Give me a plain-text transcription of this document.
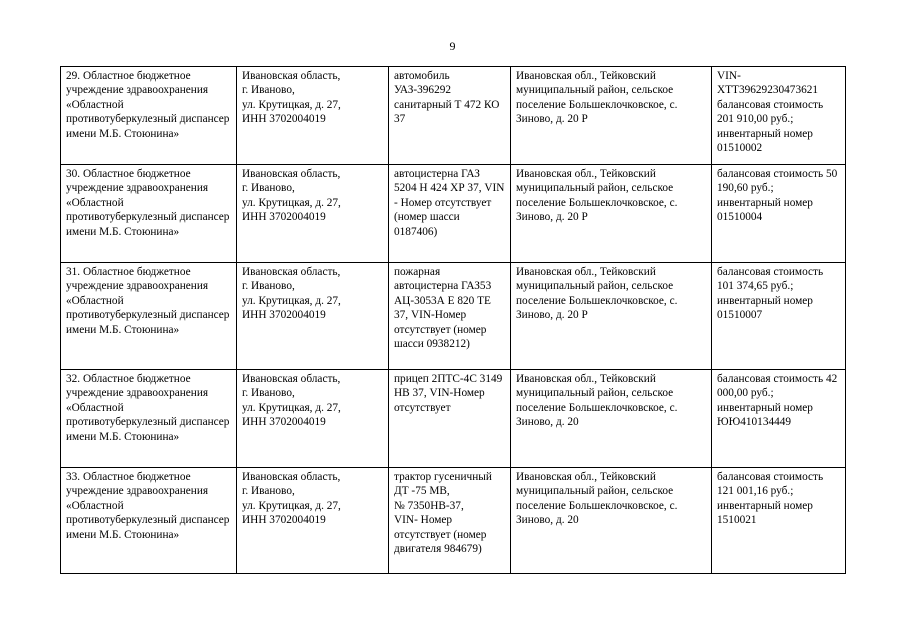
9
29. Областное бюджетное учреждение здравоохранения «Областной противотуберкулезный диспансер
имени М.Б. Стоюнина»	Ивановская область,
г. Иваново,
ул. Крутицкая, д. 27,
ИНН 3702004019	автомобиль УАЗ-396292 санитарный Т 472 КО 37	Ивановская обл., Тейковский муниципальный район, сельское поселение Большеклочковское, с. Зиново, д. 20 Р	VIN-
XTT39629230473621 балансовая стоимость 201 910,00 руб.; инвентарный номер 01510002
30. Областное бюджетное учреждение здравоохранения «Областной противотуберкулезный диспансер
имени М.Б. Стоюнина»	Ивановская область,
г. Иваново,
ул. Крутицкая, д. 27,
ИНН 3702004019	автоцистерна ГАЗ 5204 Н 424 ХР 37, VIN - Номер отсутствует (номер шасси 0187406)	Ивановская обл., Тейковский муниципальный район, сельское поселение Большеклочковское, с. Зиново, д. 20 Р	балансовая стоимость 50 190,60 руб.; инвентарный номер 01510004
31. Областное бюджетное учреждение здравоохранения «Областной противотуберкулезный диспансер
имени М.Б. Стоюнина»	Ивановская область,
г. Иваново,
ул. Крутицкая, д. 27,
ИНН 3702004019	пожарная автоцистерна ГАЗ53 АЦ-3053А Е 820 ТЕ 37, VIN-Номер отсутствует (номер шасси 0938212)	Ивановская обл., Тейковский муниципальный район, сельское поселение Большеклочковское, с. Зиново, д. 20 Р	балансовая стоимость 101 374,65 руб.; инвентарный номер 01510007
32. Областное бюджетное учреждение здравоохранения «Областной противотуберкулезный диспансер
имени М.Б. Стоюнина»	Ивановская область,
г. Иваново,
ул. Крутицкая, д. 27,
ИНН 3702004019	прицеп 2ПТС-4С 3149 НВ 37, VIN-Номер отсутствует	Ивановская обл., Тейковский муниципальный район, сельское поселение Большеклочковское, с. Зиново, д. 20	балансовая стоимость 42 000,00 руб.; инвентарный номер ЮЮ410134449
33. Областное бюджетное учреждение здравоохранения «Областной противотуберкулезный диспансер
имени М.Б. Стоюнина»	Ивановская область,
г. Иваново,
ул. Крутицкая, д. 27,
ИНН 3702004019	трактор гусеничный ДТ -75 МВ,
№ 7350НВ-37,
VIN- Номер отсутствует (номер двигателя 984679)	Ивановская обл., Тейковский муниципальный район, сельское поселение Большеклочковское, с. Зиново, д. 20	балансовая стоимость 121 001,16 руб.; инвентарный номер 1510021
